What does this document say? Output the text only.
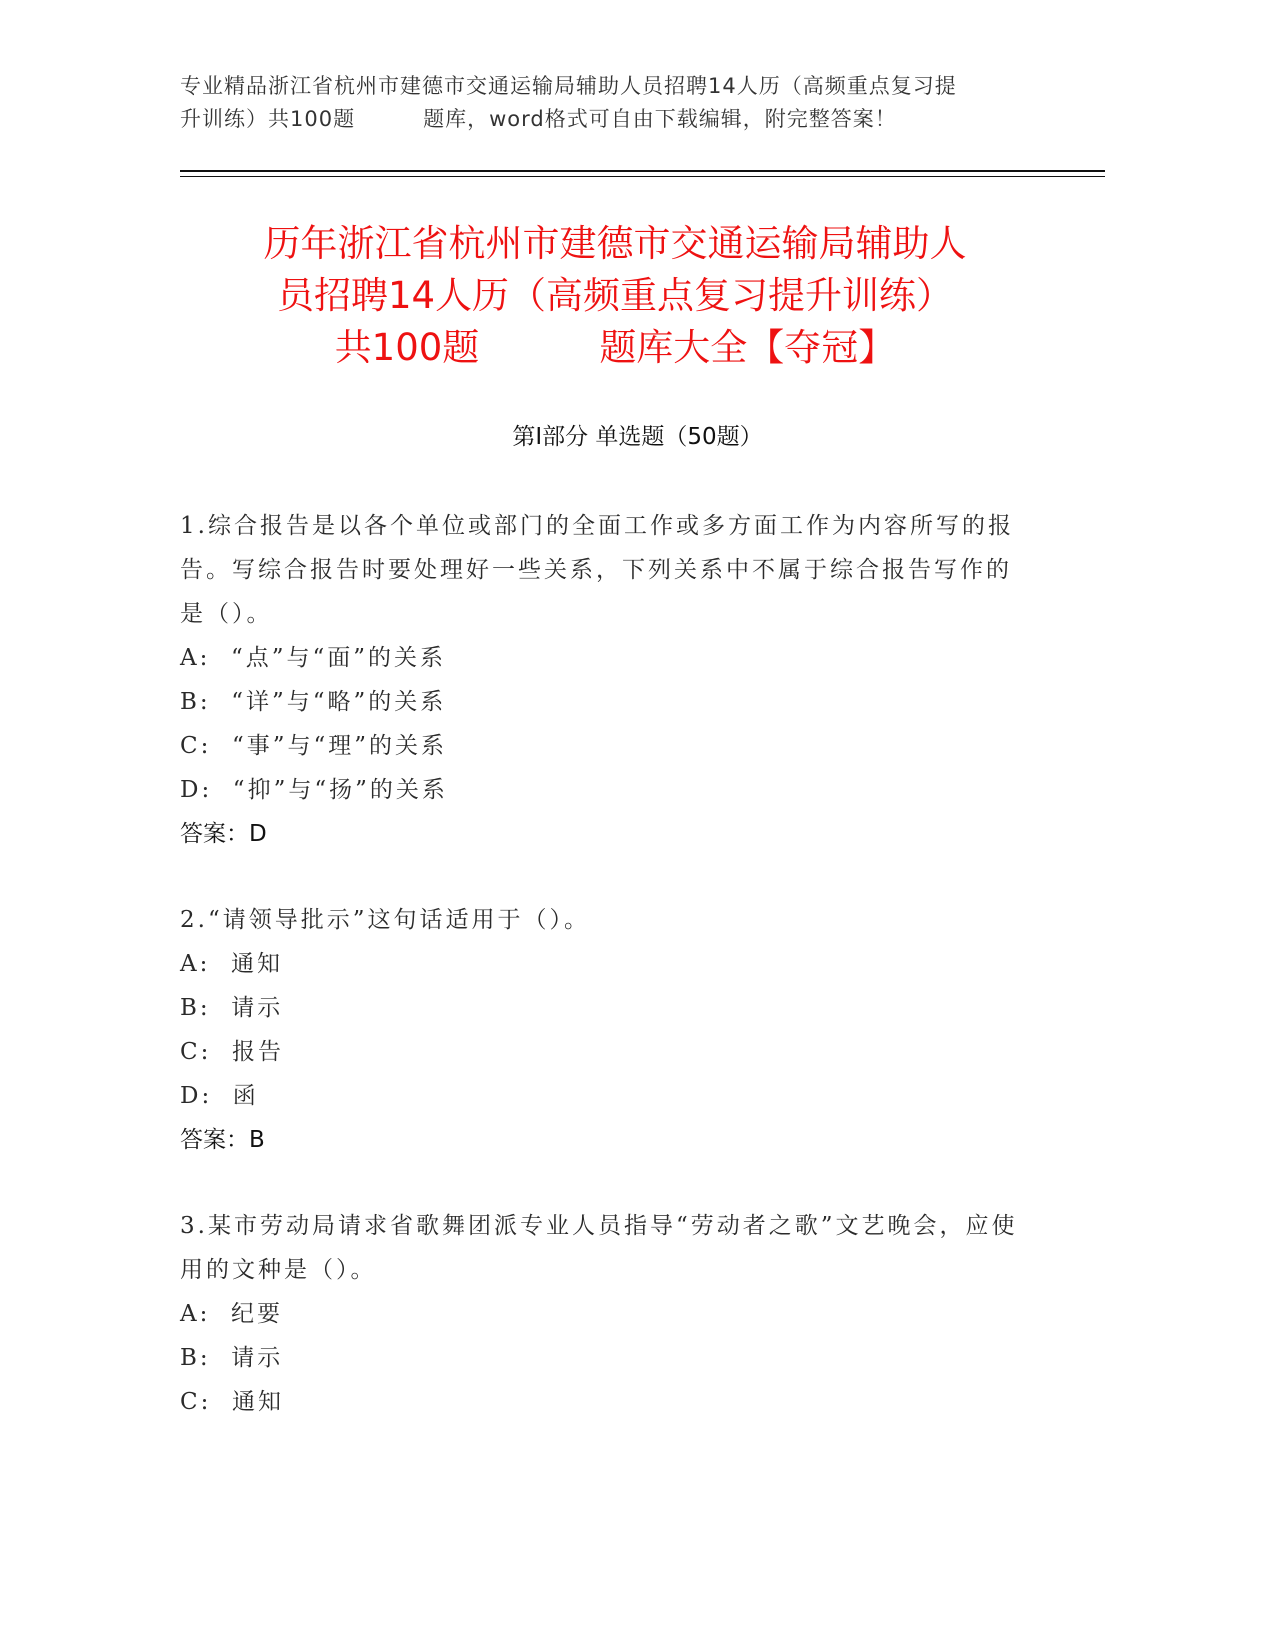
专业精品浙江省杭州市建德市交通运输局辅助人员招聘14人历（高频重点复习提
升训练）共100题	题库，word格式可自由下载编辑，附完整答案！
历年浙江省杭州市建德市交通运输局辅助人
员招聘14人历（高频重点复习提升训练）
共100题	题库大全【夺冠】
第Ⅰ部分 单选题（50题）
1.综合报告是以各个单位或部门的全面工作或多方面工作为内容所写的报告。写综合报告时要处理好一些关系，下列关系中不属于综合报告写作的是（）。
A:  “点”与“面”的关系
B:  “详”与“略”的关系
C:  “事”与“理”的关系
D:  “抑”与“扬”的关系
答案：D
2.“请领导批示”这句话适用于（）。
A:  通知
B:  请示
C:  报告
D:  函
答案：B
3.某市劳动局请求省歌舞团派专业人员指导“劳动者之歌”文艺晚会，应使用的文种是（）。
A:  纪要
B:  请示
C:  通知
